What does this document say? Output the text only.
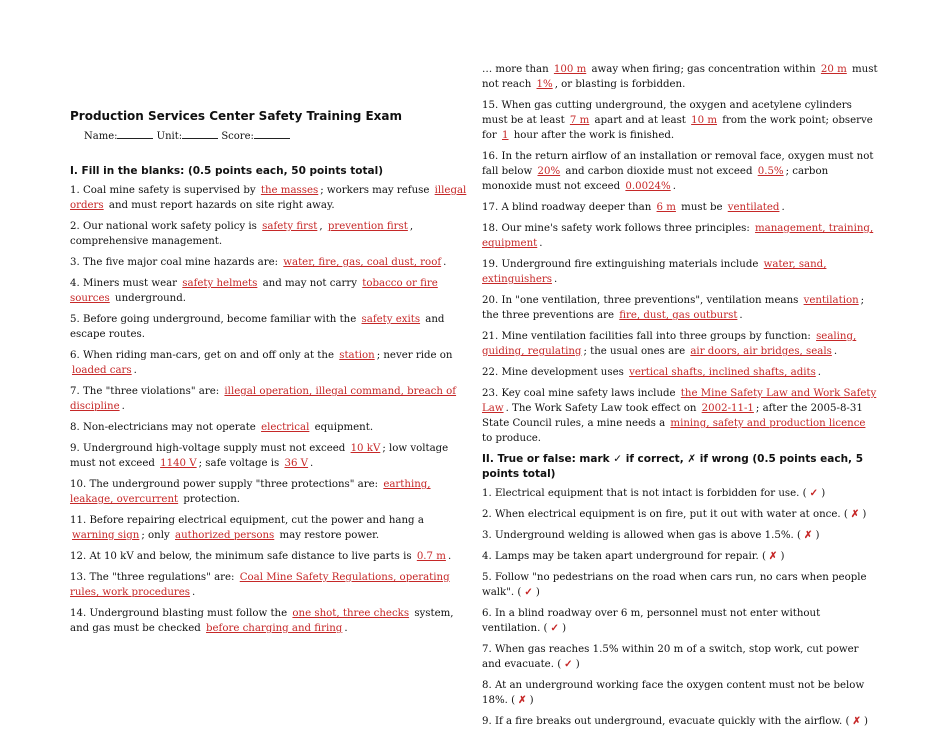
Production Services Center Safety Training Exam
Name:	Unit:	Score:
I. Fill in the blanks: (0.5 points each, 50 points total)
1. Coal mine safety is supervised by the masses ; workers may refuse illegal orders and must report hazards on site right away.
2. Our national work safety policy is safety first , prevention first , comprehensive management.
3. The five major coal mine hazards are: water, fire, gas, coal dust, roof .
4. Miners must wear safety helmets and may not carry tobacco or fire sources underground.
5. Before going underground, become familiar with the safety exits and escape routes.
6. When riding man-cars, get on and off only at the station ; never ride on loaded cars .
7. The "three violations" are: illegal operation, illegal command, breach of discipline .
8. Non-electricians may not operate electrical equipment.
9. Underground high-voltage supply must not exceed 10 kV ; low voltage must not exceed 1140 V ; safe voltage is 36 V .
10. The underground power supply "three protections" are: earthing, leakage, overcurrent protection.
11. Before repairing electrical equipment, cut the power and hang a warning sign ; only authorized persons may restore power.
12. At 10 kV and below, the minimum safe distance to live parts is 0.7 m .
13. The "three regulations" are: Coal Mine Safety Regulations, operating rules, work procedures .
14. Underground blasting must follow the one shot, three checks system, and gas must be checked before charging and firing .
… more than 100 m away when firing; gas concentration within 20 m must not reach 1% , or blasting is forbidden.
15. When gas cutting underground, the oxygen and acetylene cylinders must be at least 7 m apart and at least 10 m from the work point; observe for 1 hour after the work is finished.
16. In the return airflow of an installation or removal face, oxygen must not fall below 20% and carbon dioxide must not exceed 0.5% ; carbon monoxide must not exceed 0.0024% .
17. A blind roadway deeper than 6 m must be ventilated .
18. Our mine's safety work follows three principles: management, training, equipment .
19. Underground fire extinguishing materials include water, sand, extinguishers .
20. In "one ventilation, three preventions", ventilation means ventilation ; the three preventions are fire, dust, gas outburst .
21. Mine ventilation facilities fall into three groups by function: sealing, guiding, regulating ; the usual ones are air doors, air bridges, seals .
22. Mine development uses vertical shafts, inclined shafts, adits .
23. Key coal mine safety laws include the Mine Safety Law and Work Safety Law . The Work Safety Law took effect on 2002-11-1 ; after the 2005-8-31 State Council rules, a mine needs a mining, safety and production licence to produce.
II. True or false: mark ✓ if correct, ✗ if wrong (0.5 points each, 5 points total)
1. Electrical equipment that is not intact is forbidden for use. ( ✓ )
2. When electrical equipment is on fire, put it out with water at once. ( ✗ )
3. Underground welding is allowed when gas is above 1.5%. ( ✗ )
4. Lamps may be taken apart underground for repair. ( ✗ )
5. Follow "no pedestrians on the road when cars run, no cars when people walk". ( ✓ )
6. In a blind roadway over 6 m, personnel must not enter without ventilation. ( ✓ )
7. When gas reaches 1.5% within 20 m of a switch, stop work, cut power and evacuate. ( ✓ )
8. At an underground working face the oxygen content must not be below 18%. ( ✗ )
9. If a fire breaks out underground, evacuate quickly with the airflow. ( ✗ )
